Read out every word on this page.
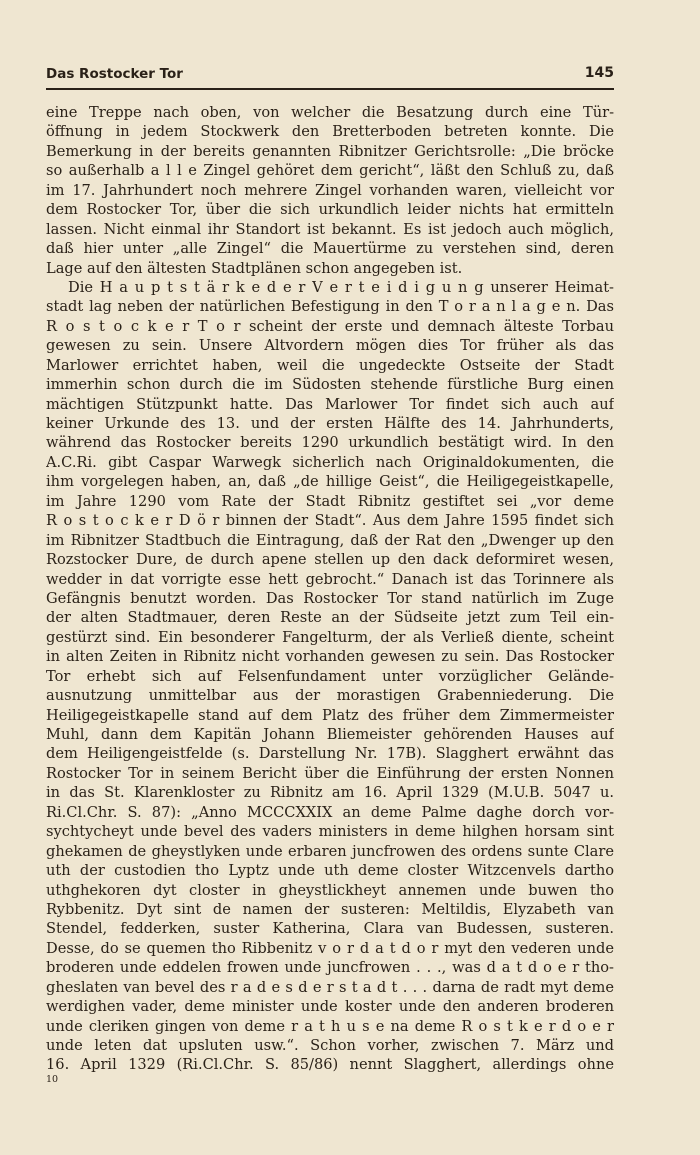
Das Rostocker Tor	145
eine Treppe nach oben, von welcher die Besatzung durch eine Tür-
öffnung in jedem Stockwerk den Bretterboden betreten konnte. Die
Bemerkung in der bereits genannten Ribnitzer Gerichtsrolle: „Die bröcke
so außerhalb a l l e Zingel gehöret dem gericht“, läßt den Schluß zu, daß
im 17. Jahrhundert noch mehrere Zingel vorhanden waren, vielleicht vor
dem Rostocker Tor, über die sich urkundlich leider nichts hat ermitteln
lassen. Nicht einmal ihr Standort ist bekannt. Es ist jedoch auch möglich,
daß hier unter „alle Zingel“ die Mauertürme zu verstehen sind, deren
Lage auf den ältesten Stadtplänen schon angegeben ist.
Die H a u p t s t ä r k e d e r V e r t e i d i g u n g unserer Heimat-
stadt lag neben der natürlichen Befestigung in den T o r a n l a g e n. Das
R o s t o c k e r T o r scheint der erste und demnach älteste Torbau
gewesen zu sein. Unsere Altvordern mögen dies Tor früher als das
Marlower errichtet haben, weil die ungedeckte Ostseite der Stadt
immerhin schon durch die im Südosten stehende fürstliche Burg einen
mächtigen Stützpunkt hatte. Das Marlower Tor findet sich auch auf
keiner Urkunde des 13. und der ersten Hälfte des 14. Jahrhunderts,
während das Rostocker bereits 1290 urkundlich bestätigt wird. In den
A.C.Ri. gibt Caspar Warwegk sicherlich nach Originaldokumenten, die
ihm vorgelegen haben, an, daß „de hillige Geist“, die Heiligegeistkapelle,
im Jahre 1290 vom Rate der Stadt Ribnitz gestiftet sei „vor deme
R o s t o c k e r D ö r binnen der Stadt“. Aus dem Jahre 1595 findet sich
im Ribnitzer Stadtbuch die Eintragung, daß der Rat den „Dwenger up den
Rozstocker Dure, de durch apene stellen up den dack deformiret wesen,
wedder in dat vorrigte esse hett gebrocht.“ Danach ist das Torinnere als
Gefängnis benutzt worden. Das Rostocker Tor stand natürlich im Zuge
der alten Stadtmauer, deren Reste an der Südseite jetzt zum Teil ein-
gestürzt sind. Ein besonderer Fangelturm, der als Verließ diente, scheint
in alten Zeiten in Ribnitz nicht vorhanden gewesen zu sein. Das Rostocker
Tor erhebt sich auf Felsenfundament unter vorzüglicher Gelände-
ausnutzung unmittelbar aus der morastigen Grabenniederung. Die
Heiligegeistkapelle stand auf dem Platz des früher dem Zimmermeister
Muhl, dann dem Kapitän Johann Bliemeister gehörenden Hauses auf
dem Heiligengeistfelde (s. Darstellung Nr. 17B). Slagghert erwähnt das
Rostocker Tor in seinem Bericht über die Einführung der ersten Nonnen
in das St. Klarenkloster zu Ribnitz am 16. April 1329 (M.U.B. 5047 u.
Ri.Cl.Chr. S. 87): „Anno MCCCXXIX an deme Palme daghe dorch vor-
sychtycheyt unde bevel des vaders ministers in deme hilghen horsam sint
ghekamen de gheystlyken unde erbaren juncfrowen des ordens sunte Clare
uth der custodien tho Lyptz unde uth deme closter Witzcenvels dartho
uthghekoren dyt closter in gheystlickheyt annemen unde buwen tho
Rybbenitz. Dyt sint de namen der susteren: Meltildis, Elyzabeth van
Stendel, fedderken, suster Katherina, Clara van Budessen, susteren.
Desse, do se quemen tho Ribbenitz v o r d a t d o r myt den vederen unde
broderen unde eddelen frowen unde juncfrowen . . ., was d a t d o e r tho-
gheslaten van bevel des r a d e s d e r s t a d t . . . darna de radt myt deme
werdighen vader, deme minister unde koster unde den anderen broderen
unde cleriken gingen von deme r a t h u s e na deme R o s t k e r d o e r
unde leten dat upsluten usw.“. Schon vorher, zwischen 7. März und
16. April 1329 (Ri.Cl.Chr. S. 85/86) nennt Slagghert, allerdings ohne
10
